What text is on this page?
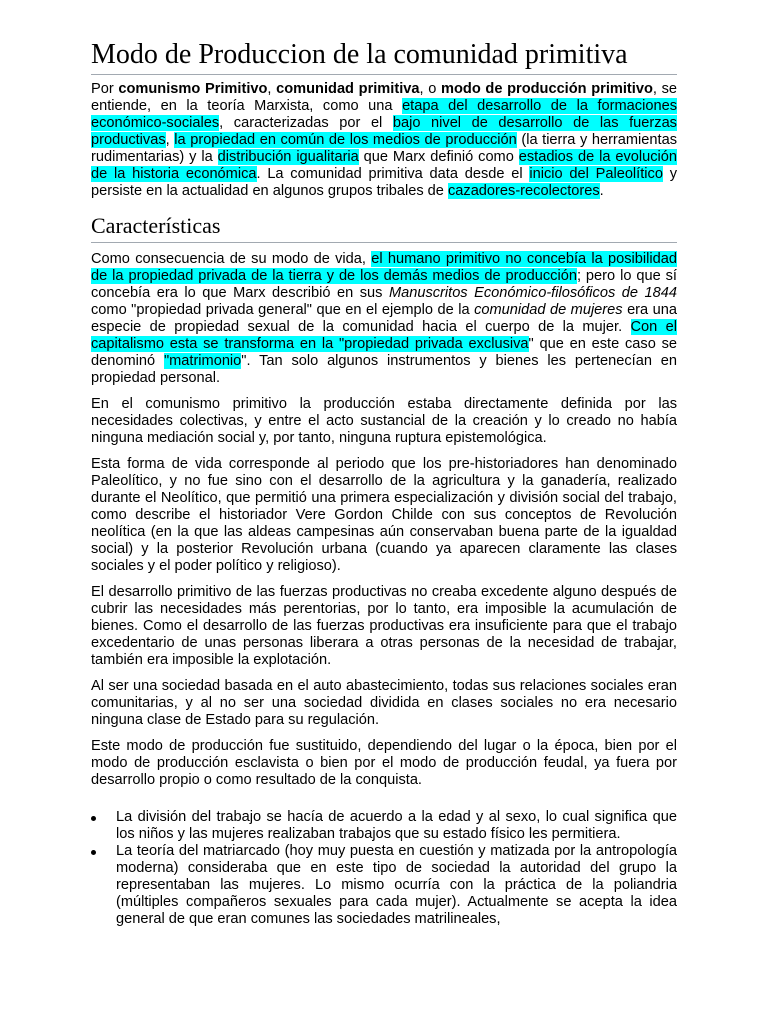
Modo de Produccion de la comunidad primitiva

Por comunismo Primitivo, comunidad primitiva, o modo de producción primitivo, se entiende, en la teoría Marxista, como una etapa del desarrollo de la formaciones económico-sociales, caracterizadas por el bajo nivel de desarrollo de las fuerzas productivas, la propiedad en común de los medios de producción (la tierra y herramientas rudimentarias) y la distribución igualitaria que Marx definió como estadios de la evolución de la historia económica. La comunidad primitiva data desde el inicio del Paleolítico y persiste en la actualidad en algunos grupos tribales de cazadores-recolectores.

Características

Como consecuencia de su modo de vida, el humano primitivo no concebía la posibilidad de la propiedad privada de la tierra y de los demás medios de producción; pero lo que sí concebía era lo que Marx describió en sus Manuscritos Económico-filosóficos de 1844 como "propiedad privada general" que en el ejemplo de la comunidad de mujeres era una especie de propiedad sexual de la comunidad hacia el cuerpo de la mujer. Con el capitalismo esta se transforma en la "propiedad privada exclusiva" que en este caso se denominó "matrimonio". Tan solo algunos instrumentos y bienes les pertenecían en propiedad personal.

En el comunismo primitivo la producción estaba directamente definida por las necesidades colectivas, y entre el acto sustancial de la creación y lo creado no había ninguna mediación social y, por tanto, ninguna ruptura epistemológica.

Esta forma de vida corresponde al periodo que los pre-historiadores han denominado Paleolítico, y no fue sino con el desarrollo de la agricultura y la ganadería, realizado durante el Neolítico, que permitió una primera especialización y división social del trabajo, como describe el historiador Vere Gordon Childe con sus conceptos de Revolución neolítica (en la que las aldeas campesinas aún conservaban buena parte de la igualdad social) y la posterior Revolución urbana (cuando ya aparecen claramente las clases sociales y el poder político y religioso).

El desarrollo primitivo de las fuerzas productivas no creaba excedente alguno después de cubrir las necesidades más perentorias, por lo tanto, era imposible la acumulación de bienes. Como el desarrollo de las fuerzas productivas era insuficiente para que el trabajo excedentario de unas personas liberara a otras personas de la necesidad de trabajar, también era imposible la explotación.

Al ser una sociedad basada en el auto abastecimiento, todas sus relaciones sociales eran comunitarias, y al no ser una sociedad dividida en clases sociales no era necesario ninguna clase de Estado para su regulación.

Este modo de producción fue sustituido, dependiendo del lugar o la época, bien por el modo de producción esclavista o bien por el modo de producción feudal, ya fuera por desarrollo propio o como resultado de la conquista.

La división del trabajo se hacía de acuerdo a la edad y al sexo, lo cual significa que los niños y las mujeres realizaban trabajos que su estado físico les permitiera.
La teoría del matriarcado (hoy muy puesta en cuestión y matizada por la antropología moderna) consideraba que en este tipo de sociedad la autoridad del grupo la representaban las mujeres. Lo mismo ocurría con la práctica de la poliandria (múltiples compañeros sexuales para cada mujer). Actualmente se acepta la idea general de que eran comunes las sociedades matrilineales,
